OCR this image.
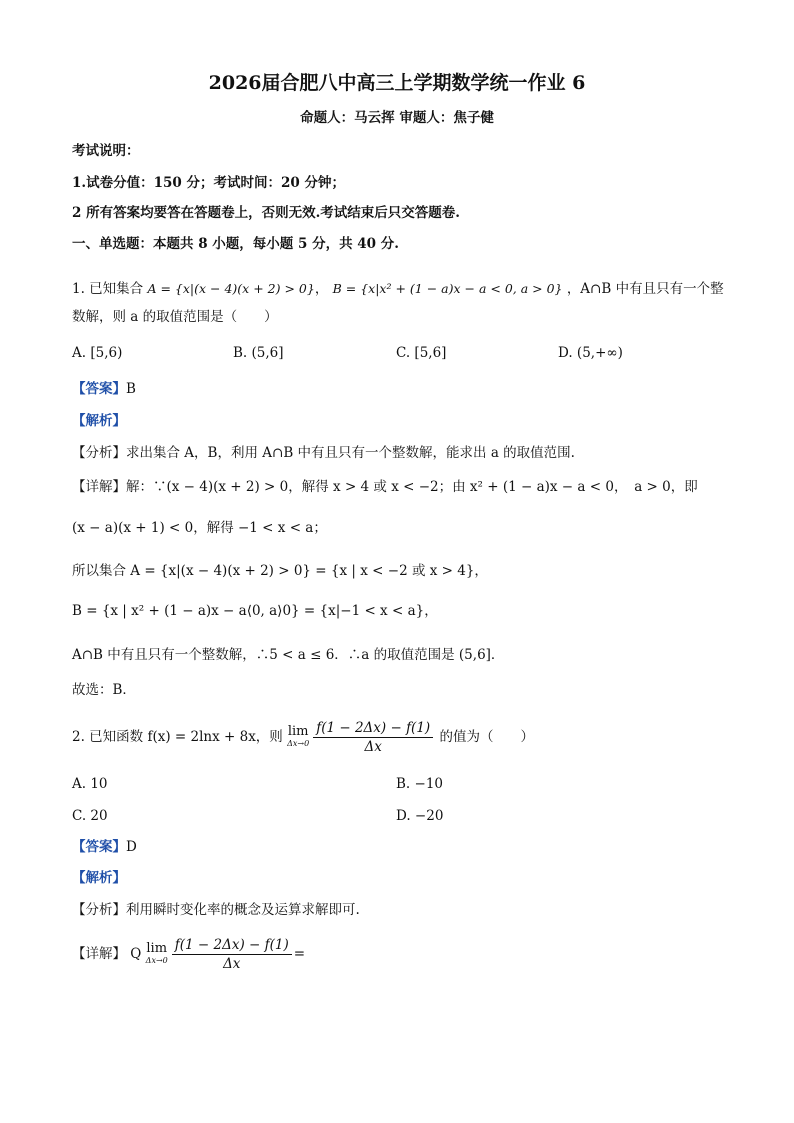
2026届合肥八中高三上学期数学统一作业 6
命题人：马云挥 审题人：焦子健
考试说明：
1.试卷分值：150 分；考试时间：20 分钟；
2 所有答案均要答在答题卷上，否则无效.考试结束后只交答题卷.
一、单选题：本题共 8 小题，每小题 5 分，共 40 分.
1. 已知集合 A = {x|(x − 4)(x + 2) > 0}， B = {x|x² + (1 − a)x − a < 0, a > 0} ，A∩B 中有且只有一个整
数解，则 a 的取值范围是（　　）
A. [5,6)	B. (5,6]	C. [5,6]	D. (5,+∞)
【答案】B
【解析】
【分析】求出集合 A，B，利用 A∩B 中有且只有一个整数解，能求出 a 的取值范围.
【详解】解：∵(x − 4)(x + 2) > 0，解得 x > 4 或 x < −2；由 x² + (1 − a)x − a < 0，　a > 0，即
(x − a)(x + 1) < 0，解得 −1 < x < a；
所以集合 A = {x|(x − 4)(x + 2) > 0} = {x | x < −2 或 x > 4}，
B = {x | x² + (1 − a)x − a⟨0, a⟩0} = {x|−1 < x < a}，
A∩B 中有且只有一个整数解，∴5 < a ≤ 6．∴a 的取值范围是 (5,6]．
故选：B．
2. 已知函数 f(x) = 2lnx + 8x，则 lim
$\Delta x\to 0 \frac{f(1 - 2\Delta x) - f(1)}{\Delta x}$ 的值为（　　）
A. 10	B. −10
C. 20	D. −20
【答案】D
【解析】
【分析】利用瞬时变化率的概念及运算求解即可.
【详解】 Q lim
$\Delta x\to 0 \frac{f(1 - 2\Delta x) - f(1)}{\Delta x}$ =
